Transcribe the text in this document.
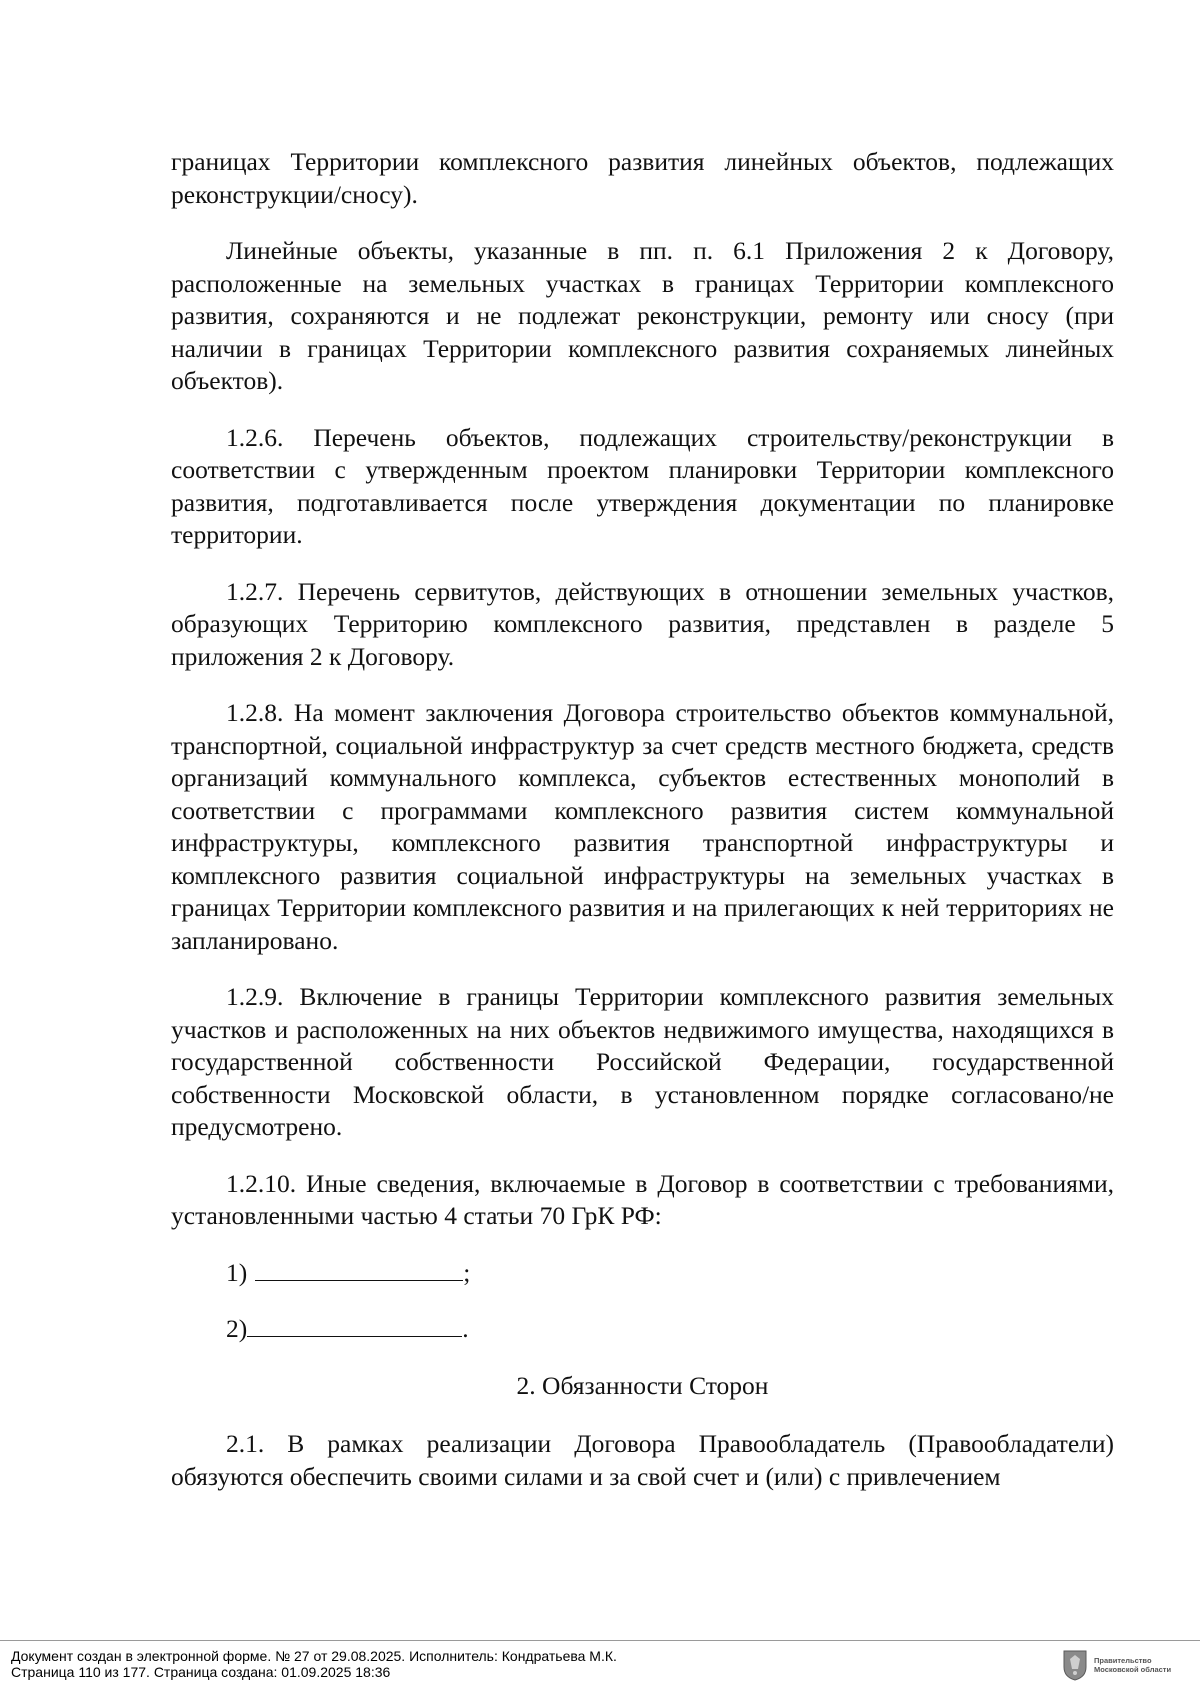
границах Территории комплексного развития линейных объектов, подлежащих реконструкции/сносу).

Линейные объекты, указанные в пп. п. 6.1 Приложения 2 к Договору, расположенные на земельных участках в границах Территории комплексного развития, сохраняются и не подлежат реконструкции, ремонту или сносу (при наличии в границах Территории комплексного развития сохраняемых линейных объектов).

1.2.6. Перечень объектов, подлежащих строительству/реконструкции в соответствии с утвержденным проектом планировки Территории комплексного развития, подготавливается после утверждения документации по планировке территории.

1.2.7. Перечень сервитутов, действующих в отношении земельных участков, образующих Территорию комплексного развития, представлен в разделе 5 приложения 2 к Договору.

1.2.8. На момент заключения Договора строительство объектов коммунальной, транспортной, социальной инфраструктур за счет средств местного бюджета, средств организаций коммунального комплекса, субъектов естественных монополий в соответствии с программами комплексного развития систем коммунальной инфраструктуры, комплексного развития транспортной инфраструктуры и комплексного развития социальной инфраструктуры на земельных участках в границах Территории комплексного развития и на прилегающих к ней территориях не запланировано.

1.2.9. Включение в границы Территории комплексного развития земельных участков и расположенных на них объектов недвижимого имущества, находящихся в государственной собственности Российской Федерации, государственной собственности Московской области, в установленном порядке согласовано/не предусмотрено.

1.2.10. Иные сведения, включаемые в Договор в соответствии с требованиями, установленными частью 4 статьи 70 ГрК РФ:

1)	;
2)	.
2. Обязанности Сторон

2.1. В рамках реализации Договора Правообладатель (Правообладатели) обязуются обеспечить своими силами и за свой счет и (или) с привлечением

Документ создан в электронной форме. № 27 от 29.08.2025. Исполнитель: Кондратьева М.К.
Страница 110 из 177. Страница создана: 01.09.2025 18:36
Правительство
Московской области
